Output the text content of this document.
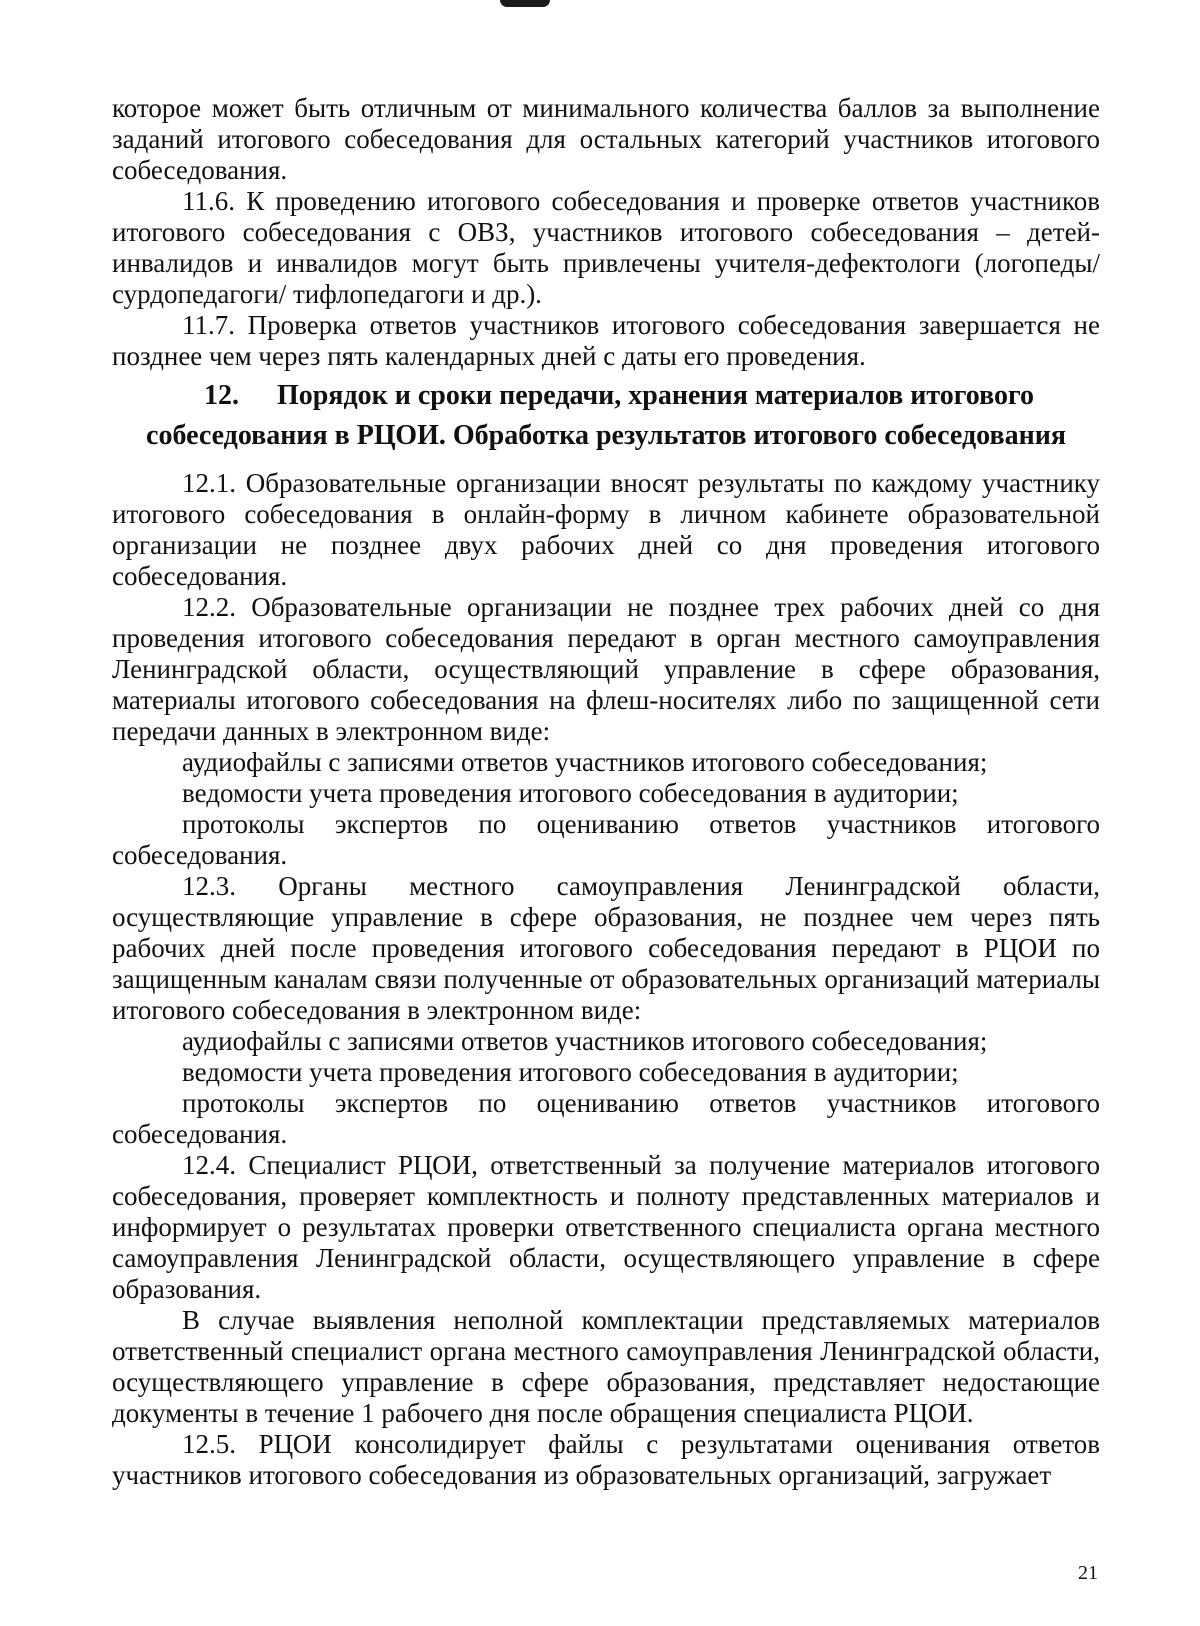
которое может быть отличным от минимального количества баллов за выполнение заданий итогового собеседования для остальных категорий участников итогового собеседования.

11.6. К проведению итогового собеседования и проверке ответов участников итогового собеседования с ОВЗ, участников итогового собеседования – детей-инвалидов и инвалидов могут быть привлечены учителя-дефектологи (логопеды/сурдопедагоги/ тифлопедагоги и др.).

11.7. Проверка ответов участников итогового собеседования завершается не позднее чем через пять календарных дней с даты его проведения.

12. Порядок и сроки передачи, хранения материалов итогового
собеседования в РЦОИ. Обработка результатов итогового собеседования

12.1. Образовательные организации вносят результаты по каждому участнику итогового собеседования в онлайн-форму в личном кабинете образовательной организации не позднее двух рабочих дней со дня проведения итогового собеседования.

12.2. Образовательные организации не позднее трех рабочих дней со дня проведения итогового собеседования передают в орган местного самоуправления Ленинградской области, осуществляющий управление в сфере образования, материалы итогового собеседования на флеш-носителях либо по защищенной сети передачи данных в электронном виде:

аудиофайлы с записями ответов участников итогового собеседования;

ведомости учета проведения итогового собеседования в аудитории;

протоколы экспертов по оцениванию ответов участников итогового собеседования.

12.3. Органы местного самоуправления Ленинградской области, осуществляющие управление в сфере образования, не позднее чем через пять рабочих дней после проведения итогового собеседования передают в РЦОИ по защищенным каналам связи полученные от образовательных организаций материалы итогового собеседования в электронном виде:

аудиофайлы с записями ответов участников итогового собеседования;

ведомости учета проведения итогового собеседования в аудитории;

протоколы экспертов по оцениванию ответов участников итогового собеседования.

12.4. Специалист РЦОИ, ответственный за получение материалов итогового собеседования, проверяет комплектность и полноту представленных материалов и информирует о результатах проверки ответственного специалиста органа местного самоуправления Ленинградской области, осуществляющего управление в сфере образования.

В случае выявления неполной комплектации представляемых материалов ответственный специалист органа местного самоуправления Ленинградской области, осуществляющего управление в сфере образования, представляет недостающие документы в течение 1 рабочего дня после обращения специалиста РЦОИ.

12.5. РЦОИ консолидирует файлы с результатами оценивания ответов участников итогового собеседования из образовательных организаций, загружает

21
